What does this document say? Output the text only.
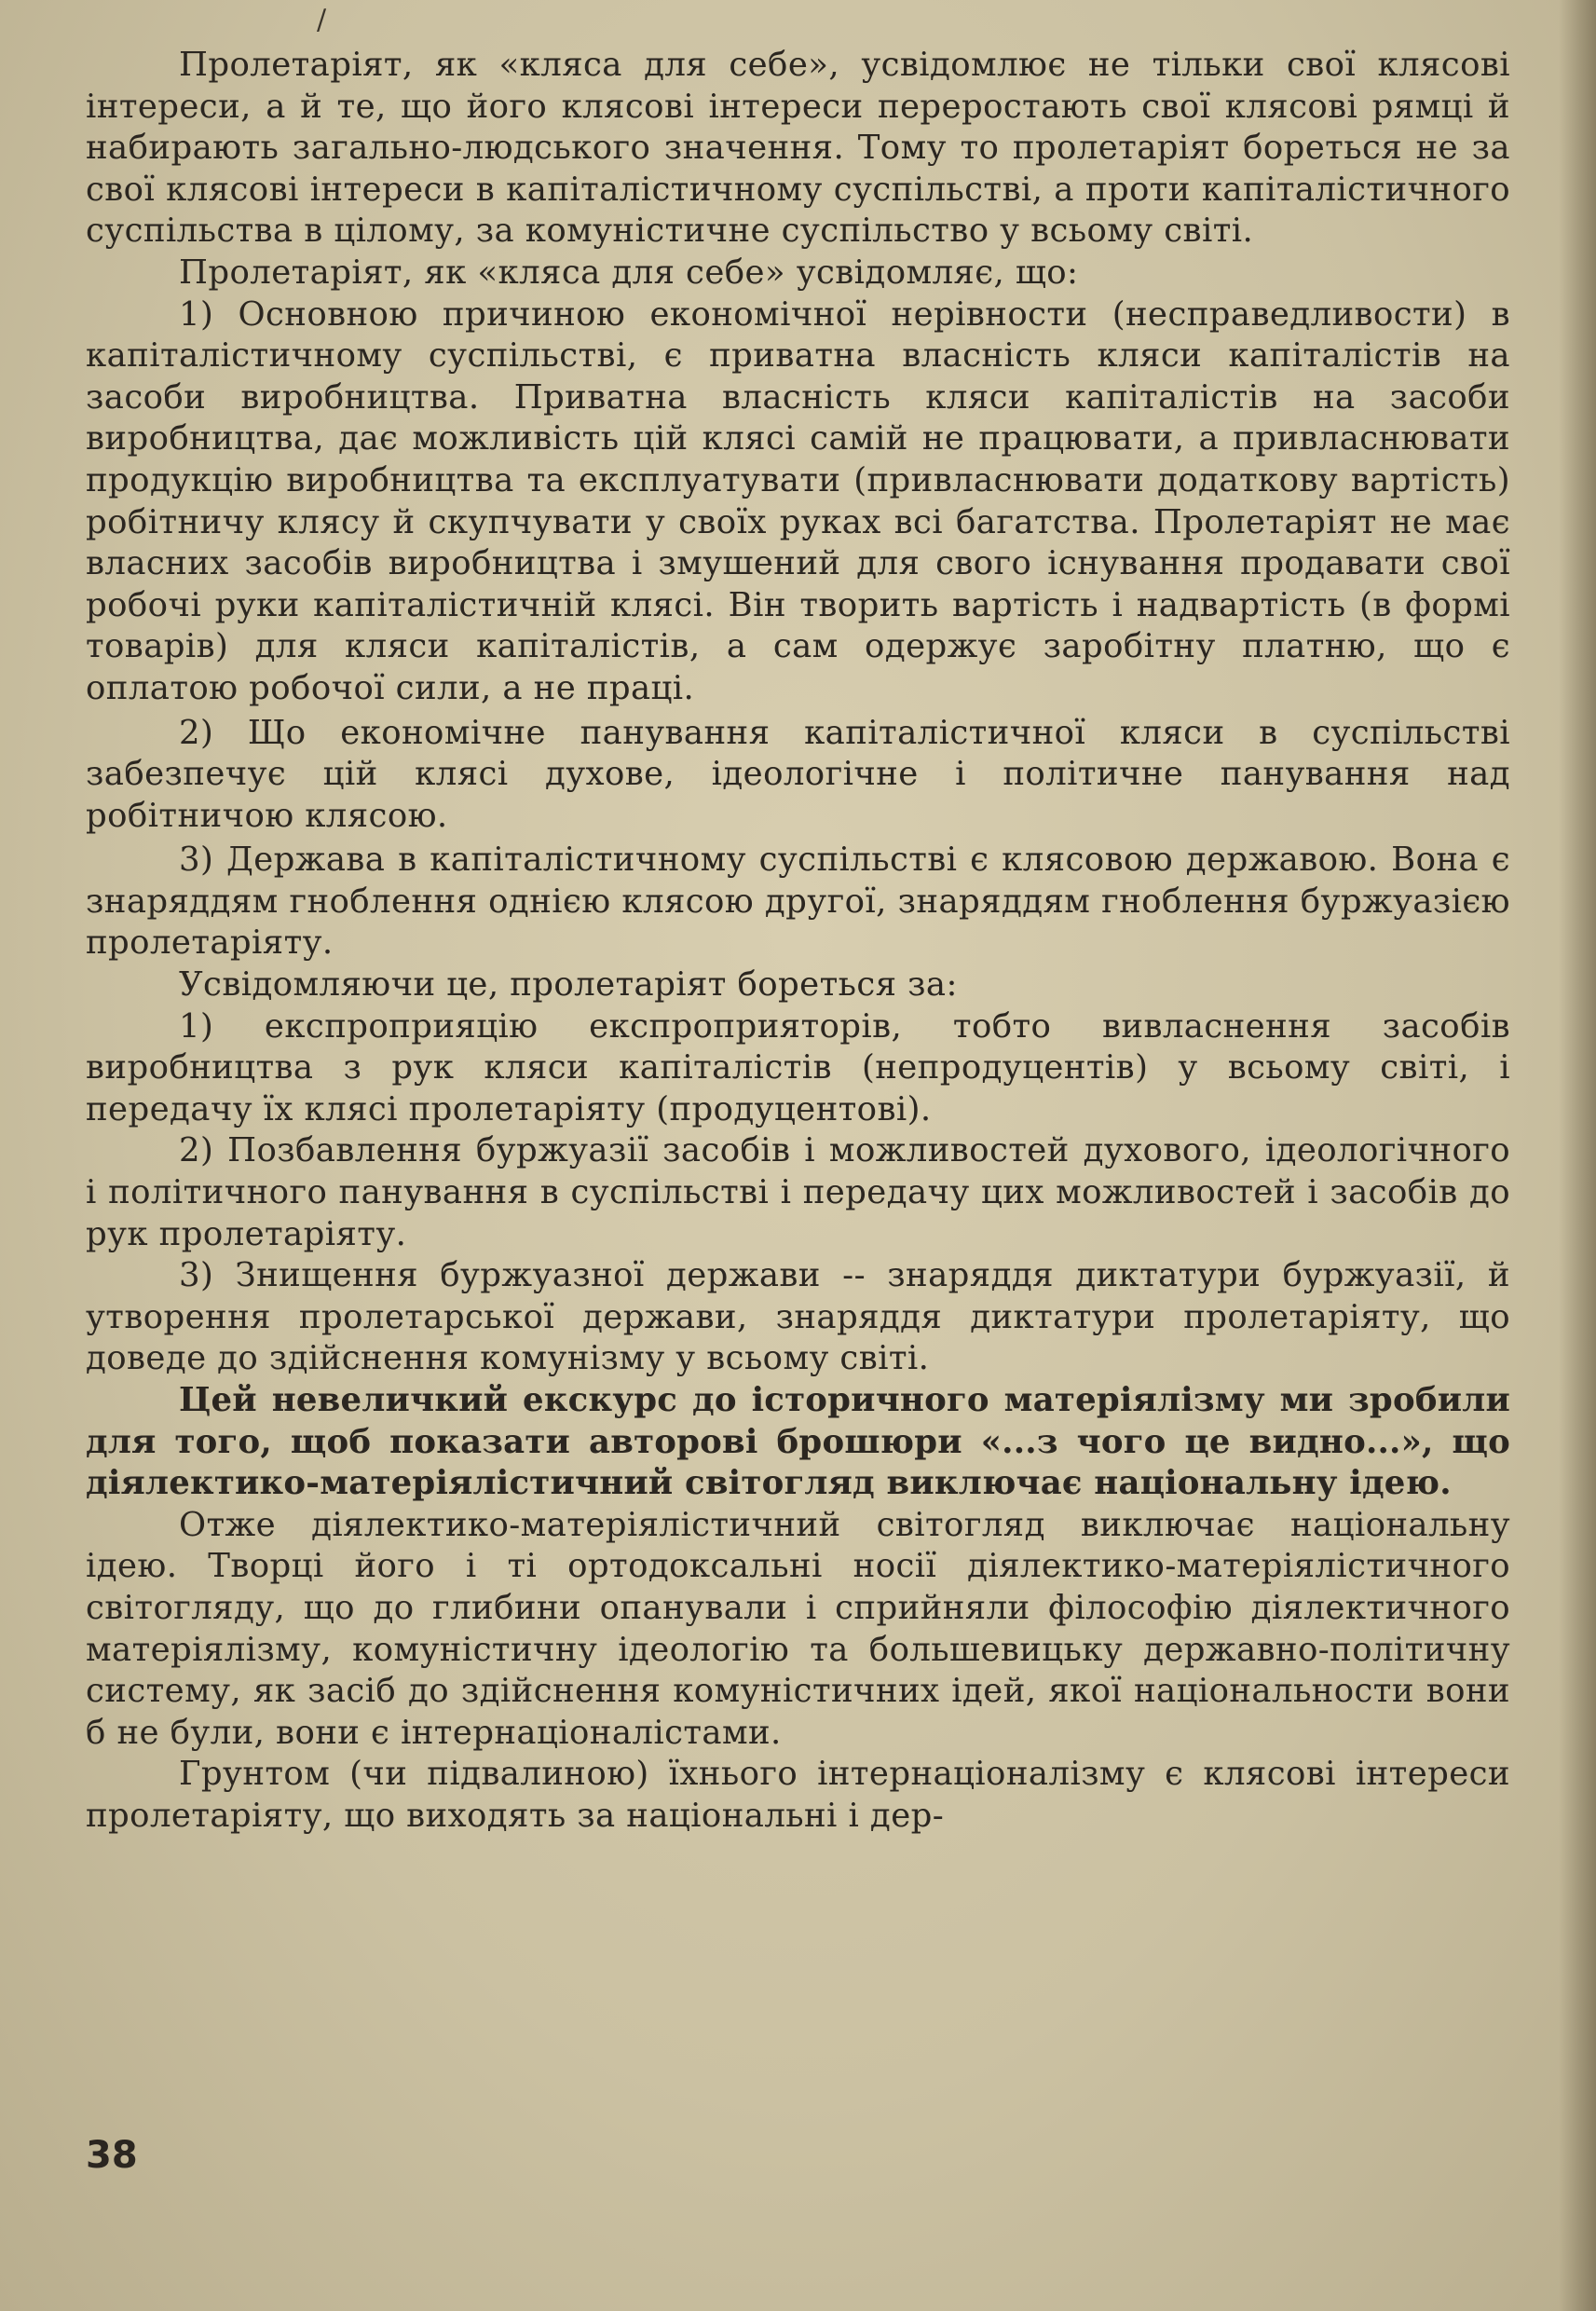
/

Пролетаріят, як «кляса для себе», усвідомлює не тільки свої клясові інтереси, а й те, що його клясові інтереси переростають свої клясові рямці й набирають загально-людського значення. Тому то пролетаріят бореться не за свої клясові інтереси в капіталістичному суспільстві, а проти капіталістичного суспільства в цілому, за комуністичне суспільство у всьому світі.

Пролетаріят, як «кляса для себе» усвідомляє, що:

1) Основною причиною економічної нерівности (несправедливости) в капіталістичному суспільстві, є приватна власність кляси капіталістів на засоби виробництва. Приватна власність кляси капіталістів на засоби виробництва, дає можливість цій клясі самій не працювати, а привласнювати продукцію виробництва та експлуатувати (привласнювати додаткову вартість) робітничу клясу й скупчувати у своїх руках всі багатства. Пролетаріят не має власних засобів виробництва і змушений для свого існування продавати свої робочі руки капіталістичній клясі. Він творить вартість і надвартість (в формі товарів) для кляси капіталістів, а сам одержує заробітну платню, що є оплатою робочої сили, а не праці.

2) Що економічне панування капіталістичної кляси в суспільстві забезпечує цій клясі духове, ідеологічне і політичне панування над робітничою клясою.

3) Держава в капіталістичному суспільстві є клясовою державою. Вона є знаряддям гноблення однією клясою другої, знаряддям гноблення буржуазією пролетаріяту.

Усвідомляючи це, пролетаріят бореться за:

1) експроприяцію експроприяторів, тобто вивласнення засобів виробництва з рук кляси капіталістів (непродуцентів) у всьому світі, і передачу їх клясі пролетаріяту (продуцентові).

2) Позбавлення буржуазії засобів і можливостей духового, ідеологічного і політичного панування в суспільстві і передачу цих можливостей і засобів до рук пролетаріяту.

3) Знищення буржуазної держави -- знаряддя диктатури буржуазії, й утворення пролетарської держави, знаряддя диктатури пролетаріяту, що доведе до здійснення комунізму у всьому світі.

Цей невеличкий екскурс до історичного матеріялізму ми зробили для того, щоб показати авторові брошюри «...з чого це видно...», що діялектико-матеріялістичний світогляд виключає національну ідею.

Отже діялектико-матеріялістичний світогляд виключає національну ідею. Творці його і ті ортодоксальні носії діялектико-матеріялістичного світогляду, що до глибини опанували і сприйняли філософію діялектичного матеріялізму, комуністичну ідеологію та большевицьку державно-політичну систему, як засіб до здійснення комуністичних ідей, якої національности вони б не були, вони є інтернаціоналістами.

Грунтом (чи підвалиною) їхнього інтернаціоналізму є клясові інтереси пролетаріяту, що виходять за національні і дер-

38
